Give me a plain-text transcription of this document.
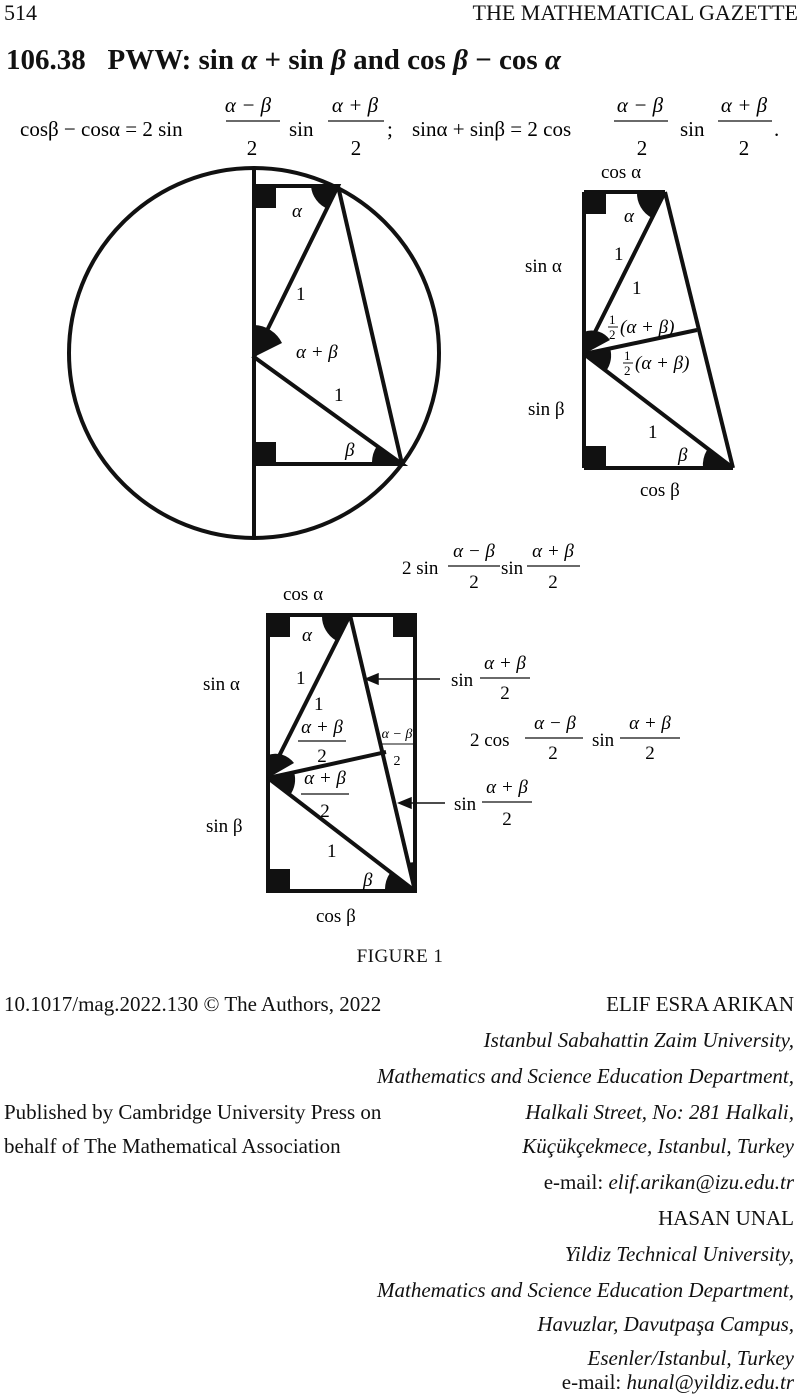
514	THE MATHEMATICAL GAZETTE
106.38 PWW: sin α + sin β and cos β − cos α
cosβ − cosα = 2 sin
α − β
2
sin
α + β
2
; sinα + sinβ = 2 cos
α − β
2
sin
α + β
2
.
α
1
α + β
1
β
cos α
α
sin α
1
1
1
2 (α + β)
1
2 (α + β)
sin β
1
β
cos β
2 sin
α − β
2
sin
α + β
2
cos α
α
sin α	1
1
α + β
2
α + β
2
α − β
2
sin β
1
β
cos β
sin
α + β
2
2 cos
α − β
2
sin
α + β
2
sin
α + β
2
FIGURE 1
10.1017/mag.2022.130 © The Authors, 2022
Published by Cambridge University Press on
behalf of The Mathematical Association
ELIF ESRA ARIKAN
Istanbul Sabahattin Zaim University,
Mathematics and Science Education Department,
Halkali Street, No: 281 Halkali,
Küçükçekmece, Istanbul, Turkey
e-mail: elif.arikan@izu.edu.tr
HASAN UNAL
Yildiz Technical University,
Mathematics and Science Education Department,
Havuzlar, Davutpaşa Campus,
Esenler/Istanbul, Turkey
e-mail: hunal@yildiz.edu.tr
